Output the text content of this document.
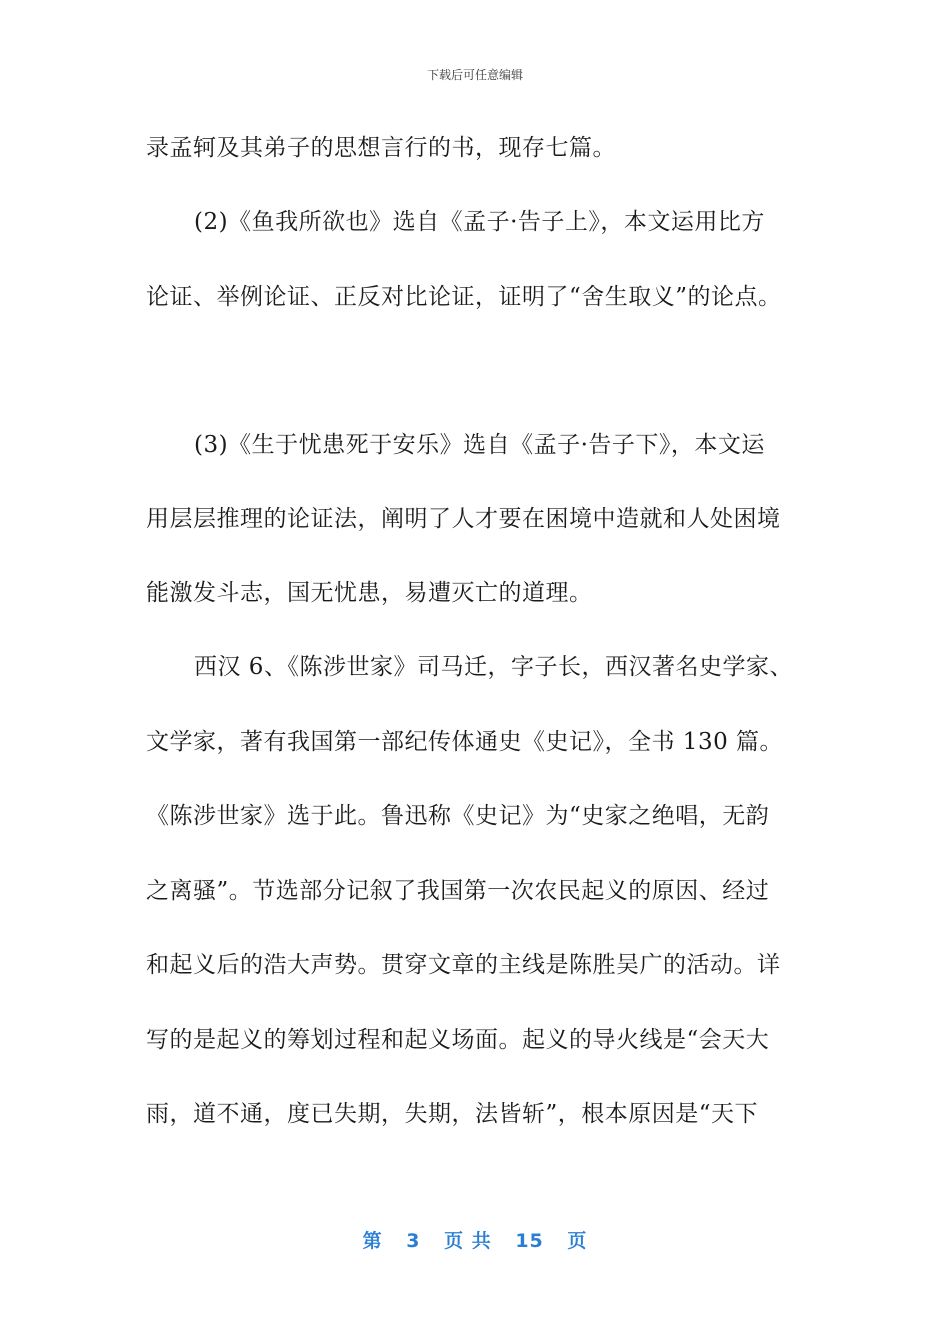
下载后可任意编辑
录孟轲及其弟子的思想言行的书，现存七篇。
(2)《鱼我所欲也》选自《孟子·告子上》，本文运用比方
论证、举例论证、正反对比论证，证明了“舍生取义”的论点。
(3)《生于忧患死于安乐》选自《孟子·告子下》，本文运
用层层推理的论证法，阐明了人才要在困境中造就和人处困境
能激发斗志，国无忧患，易遭灭亡的道理。
西汉 6、《陈涉世家》司马迁，字子长，西汉著名史学家、
文学家，著有我国第一部纪传体通史《史记》，全书 130 篇。
《陈涉世家》选于此。鲁迅称《史记》为“史家之绝唱，无韵
之离骚”。节选部分记叙了我国第一次农民起义的原因、经过
和起义后的浩大声势。贯穿文章的主线是陈胜吴广的活动。详
写的是起义的筹划过程和起义场面。起义的导火线是“会天大
雨，道不通，度已失期，失期，法皆斩”，根本原因是“天下
第 3 页 共 15 页
